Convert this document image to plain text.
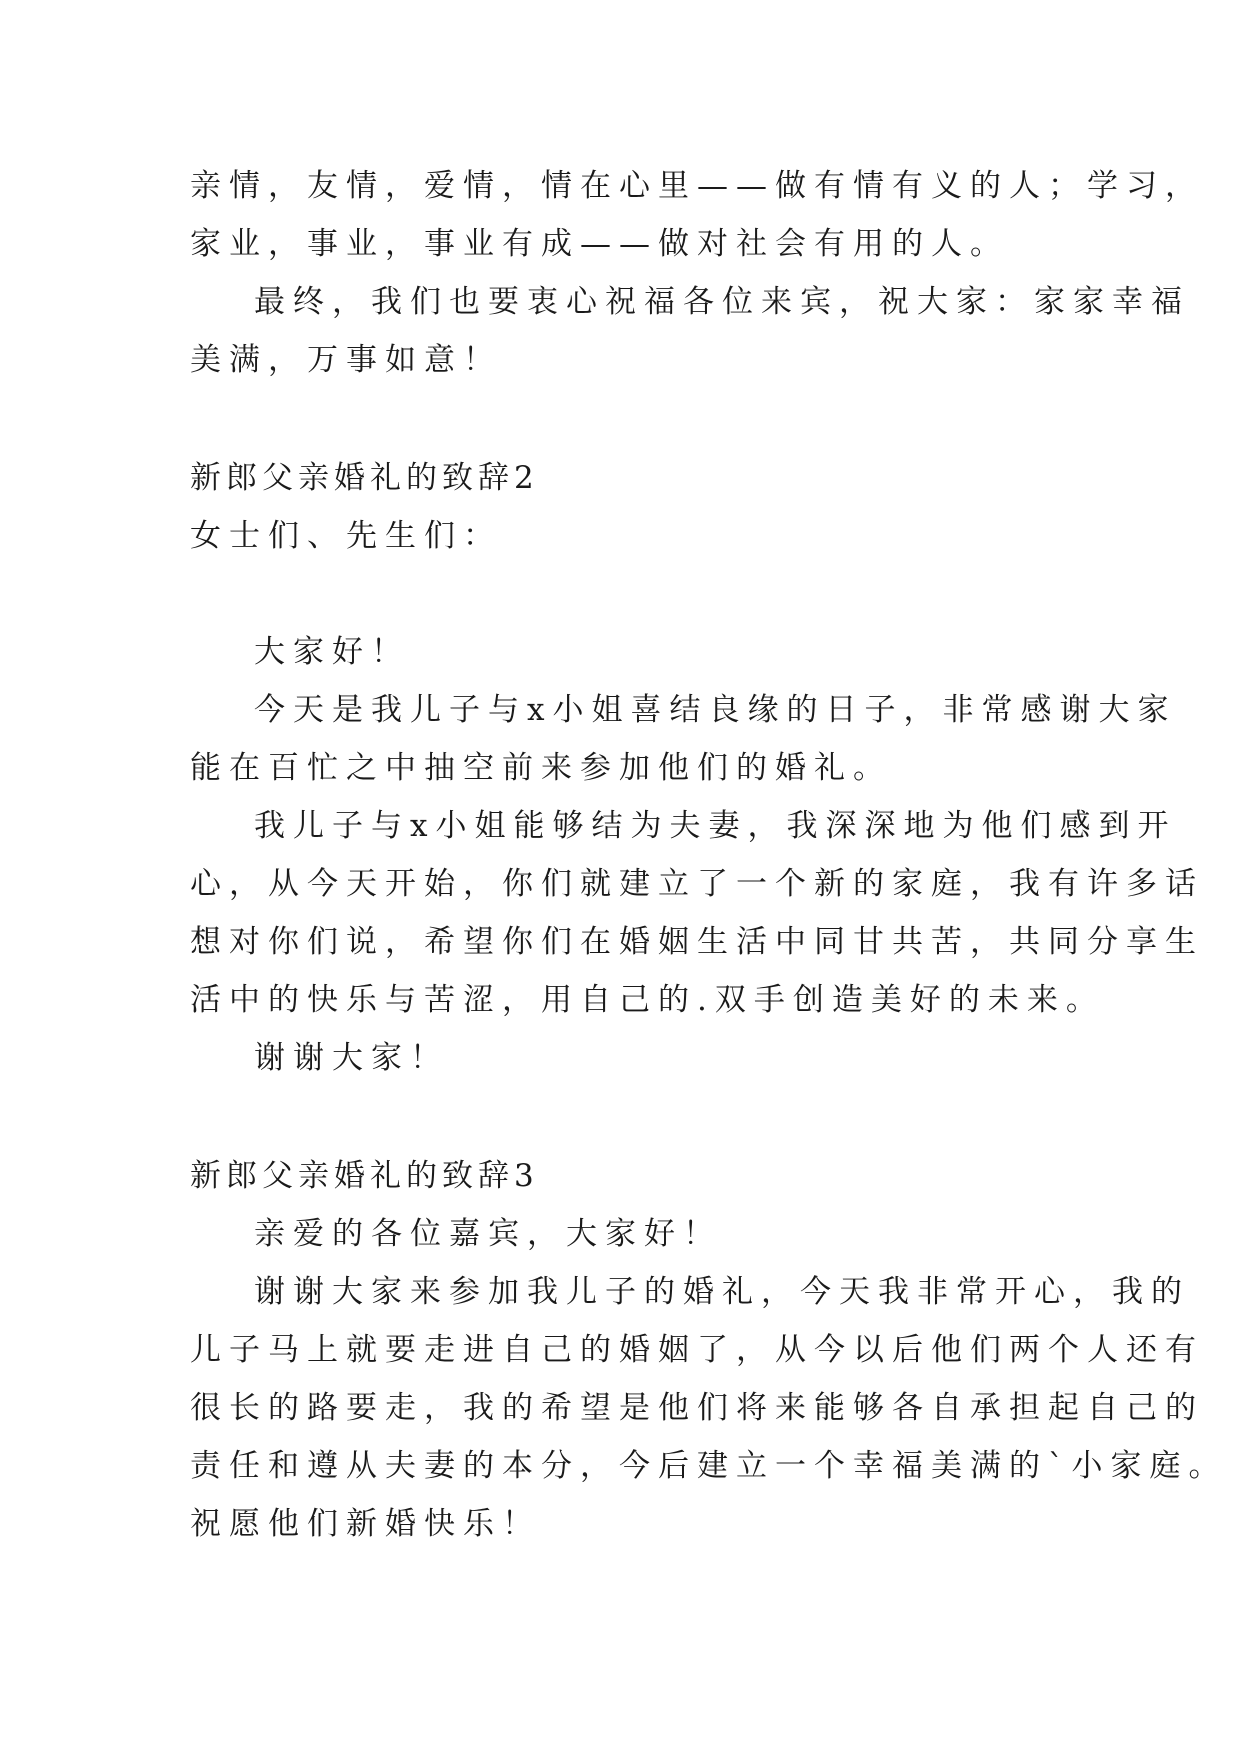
亲情，友情，爱情，情在心里——做有情有义的人；学习，
家业，事业，事业有成——做对社会有用的人。
最终，我们也要衷心祝福各位来宾，祝大家：家家幸福
美满，万事如意！
新郎父亲婚礼的致辞2
女士们、先生们：
大家好！
今天是我儿子与x小姐喜结良缘的日子，非常感谢大家
能在百忙之中抽空前来参加他们的婚礼。
我儿子与x小姐能够结为夫妻，我深深地为他们感到开
心，从今天开始，你们就建立了一个新的家庭，我有许多话
想对你们说，希望你们在婚姻生活中同甘共苦，共同分享生
活中的快乐与苦涩，用自己的.双手创造美好的未来。
谢谢大家！
新郎父亲婚礼的致辞3
亲爱的各位嘉宾，大家好！
谢谢大家来参加我儿子的婚礼，今天我非常开心，我的
儿子马上就要走进自己的婚姻了，从今以后他们两个人还有
很长的路要走，我的希望是他们将来能够各自承担起自己的
责任和遵从夫妻的本分，今后建立一个幸福美满的`小家庭。
祝愿他们新婚快乐！
